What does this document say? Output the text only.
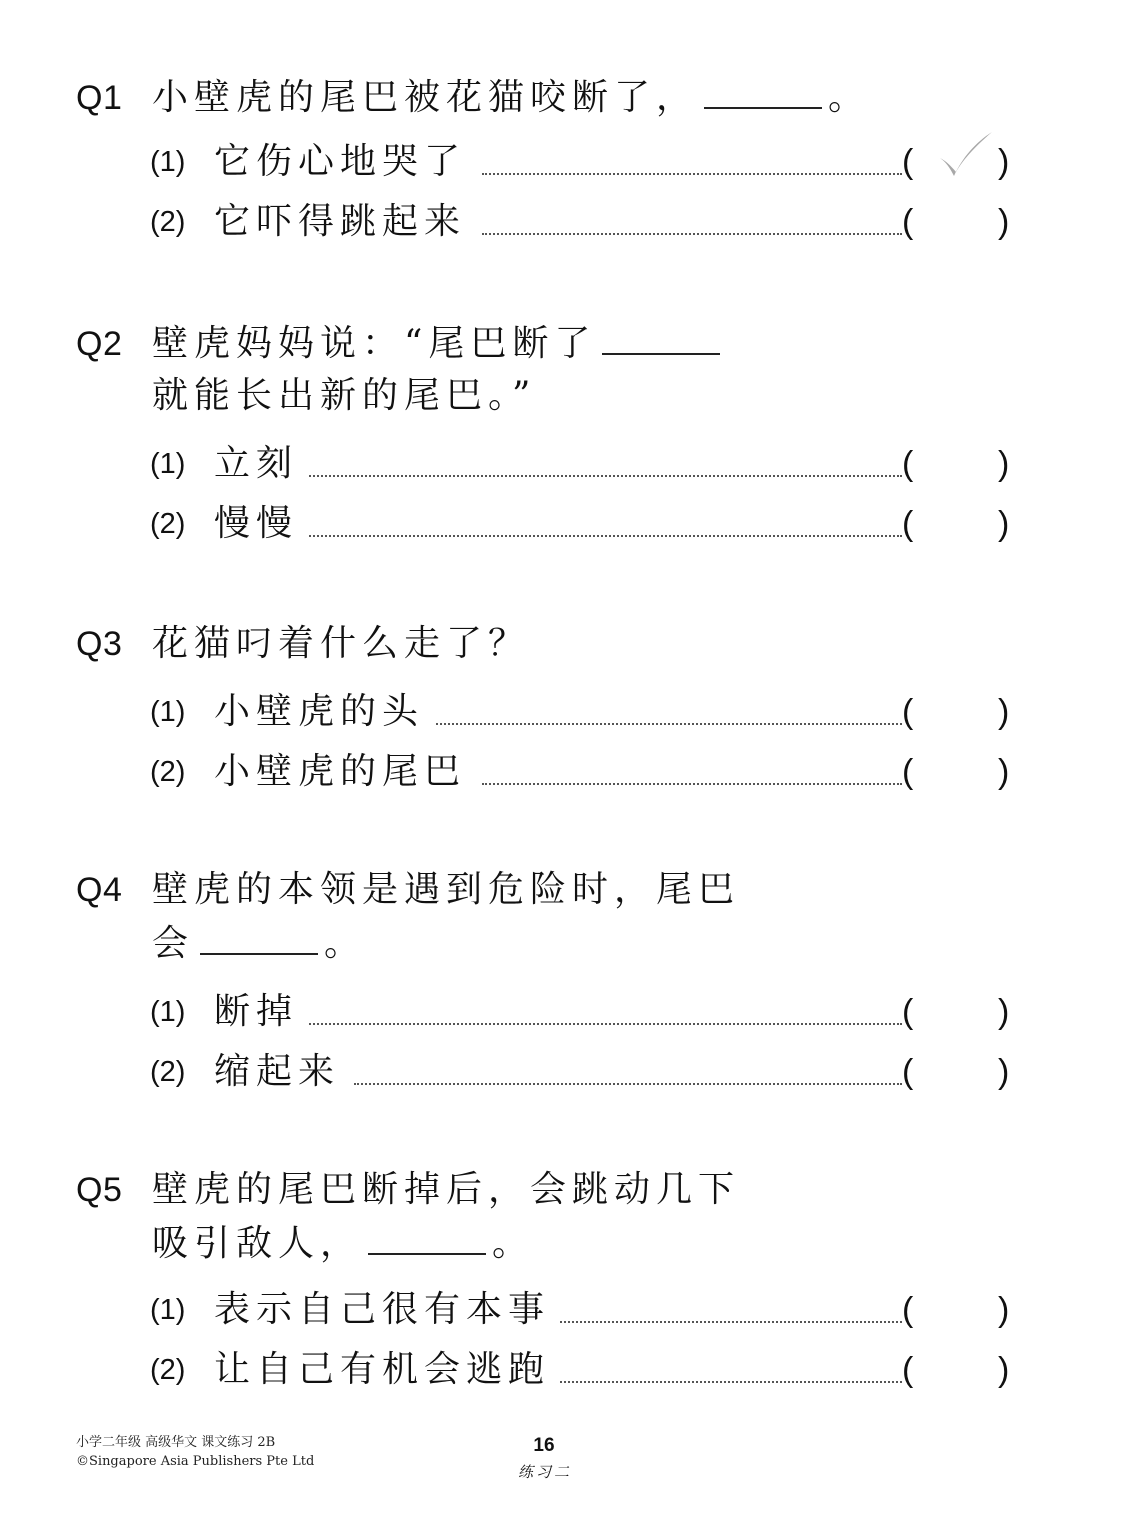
Q1 小壁虎的尾巴被花猫咬断了，	。
(1) 它伤心地哭了	( )
(2) 它吓得跳起来	( )
Q2 壁虎妈妈说：“尾巴断了
就能长出新的尾巴。”
(1) 立刻	( )
(2) 慢慢	( )
Q3 花猫叼着什么走了？
(1) 小壁虎的头	( )
(2) 小壁虎的尾巴	( )
Q4 壁虎的本领是遇到危险时，尾巴
会	。
(1) 断掉	( )
(2) 缩起来	( )
Q5 壁虎的尾巴断掉后，会跳动几下
吸引敌人，	。
(1) 表示自己很有本事	( )
(2) 让自己有机会逃跑	( )
小学二年级 高级华文 课文练习 2B
©Singapore Asia Publishers Pte Ltd
16
练习二
